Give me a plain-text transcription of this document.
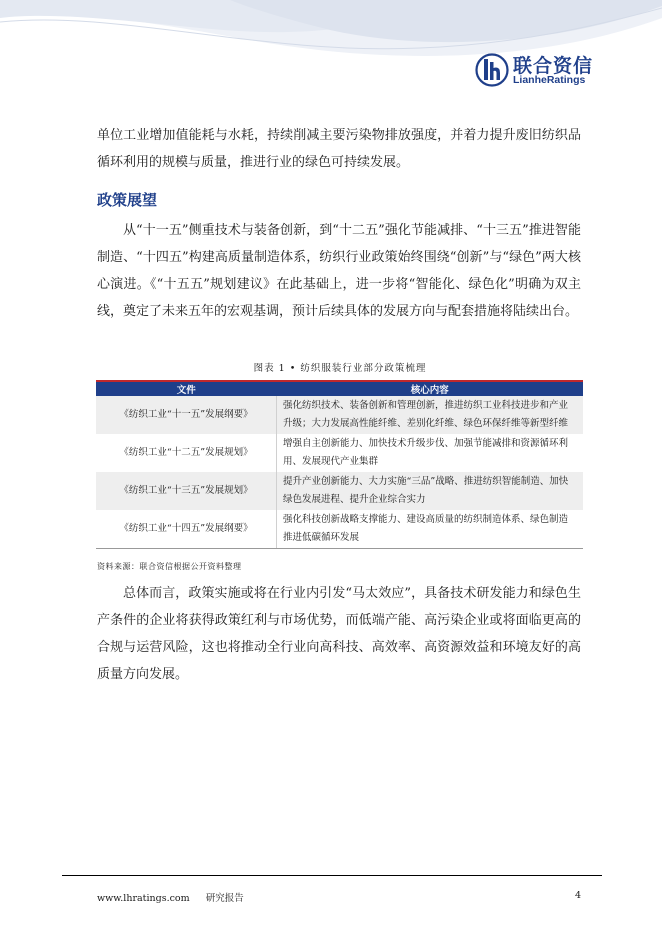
联合资信
LianheRatings

单位工业增加值能耗与水耗，持续削减主要污染物排放强度，并着力提升废旧纺织品循环利用的规模与质量，推进行业的绿色可持续发展。

政策展望

从“十一五”侧重技术与装备创新，到“十二五”强化节能减排、“十三五”推进智能制造、“十四五”构建高质量制造体系，纺织行业政策始终围绕“创新”与“绿色”两大核心演进。《“十五五”规划建议》在此基础上，进一步将“智能化、绿色化”明确为双主线，奠定了未来五年的宏观基调，预计后续具体的发展方向与配套措施将陆续出台。

图表 1 • 纺织服装行业部分政策梳理
文件	核心内容
《纺织工业“十一五”发展纲要》	强化纺织技术、装备创新和管理创新，推进纺织工业科技进步和产业升级；大力发展高性能纤维、差别化纤维、绿色环保纤维等新型纤维
《纺织工业“十二五”发展规划》	增强自主创新能力、加快技术升级步伐、加强节能减排和资源循环利用、发展现代产业集群
《纺织工业“十三五”发展规划》	提升产业创新能力、大力实施“三品”战略、推进纺织智能制造、加快绿色发展进程、提升企业综合实力
《纺织工业“十四五”发展纲要》	强化科技创新战略支撑能力、建设高质量的纺织制造体系、绿色制造推进低碳循环发展
资料来源：联合资信根据公开资料整理

总体而言，政策实施或将在行业内引发“马太效应”，具备技术研发能力和绿色生产条件的企业将获得政策红利与市场优势，而低端产能、高污染企业或将面临更高的合规与运营风险，这也将推动全行业向高科技、高效率、高资源效益和环境友好的高质量方向发展。

www.lhratings.com 研究报告	4
